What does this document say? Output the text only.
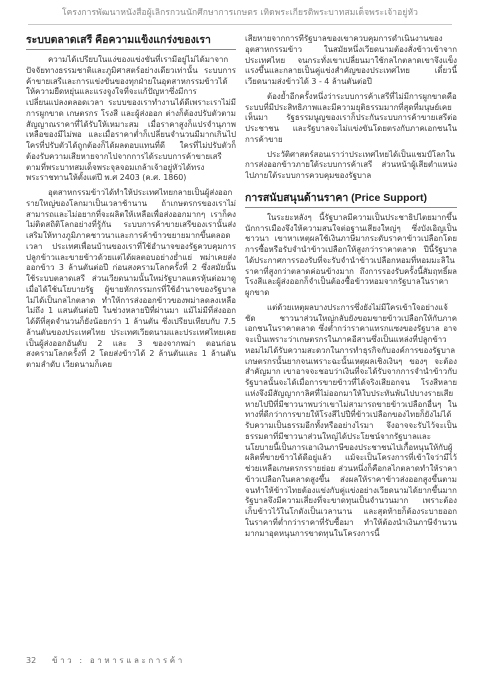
โครงการพัฒนาหนังสือผู้เลิกรกวนนักศึกษาการเกษตร เทิดพระเกียรติพระบาทสมเด็จพระเจ้าอยู่หัว
ระบบตลาดเสรี คือความแข็งแกร่งของเรา

ความได้เปรียบในแง่ของแข่งขันที่เรามีอยู่ไม่ได้มาจากปัจจัยทางธรรมชาติและภูมิศาสตร์อย่างเดียวเท่านั้น ระบบการค้าขายเสรีและการแข่งขันของทุกฝ่ายในอุตสาหกรรมข้าวได้ให้ความยืดหยุ่นและแรงจูงใจที่จะแก้ปัญหาซึ่งมีการเปลี่ยนแปลงตลอดเวลา ระบบของเราทำงานได้ดีเพราะเราไม่มีการผูกขาด เกษตรกร โรงสี และผู้ส่งออก ต่างก็ต้องปรับตัวตามสัญญาณราคาที่ได้รับให้เหมาะสม เมื่อราคาสูงก็แปรจำนุภาพเหลือของมีไม่พอ และเมื่อราคาต่ำก็เปลี่ยนจำนวนมีมากเกินไป ใครที่ปรับตัวได้ถูกต้องก็ได้ผลตอบแทนที่ดี ใครที่ไม่ปรับตัวก็ต้องรับความเสียหายจากไปจากการได้ระบบการค้าขายเสรีตามที่พระบาทสมเด็จพระจุลจอมเกล้าเจ้าอยู่หัวได้ทรงพระราชทานให้ตั้งแต่ปี พ.ศ 2403 (ค.ศ. 1860)

อุตสาหกรรมข้าวได้ทำให้ประเทศไทยกลายเป็นผู้ส่งออกรายใหญ่ของโลกมาเป็นเวลาช้านาน ถ้าเกษตรกรของเราไม่สามารถและไม่อยากที่จะผลิตให้เหลือเพื่อส่งออกมากๆ เราก็คงไม่ติดสถิติโลกอย่างที่รู้กัน ระบบการค้าขายเสรีของเรานั้นส่งเสริมให้ทางภูมิภาคชาวนาและการค้าข้าวขยายมากขึ้นตลอดเวลา ประเทศเพื่อนบ้านของเราที่ใช้อำนาจของรัฐควบคุมการปลูกข้าวและขายข้าวด้วยแต่ได้ผลตอบอย่างย่ำแย่ พม่าเคยส่งออกข้าว 3 ล้านตันต่อปี ก่อนสงครามโลกครั้งที่ 2 ซึ่งสมัยนั้นใช้ระบบตลาดเสรี ส่วนเวียดนามนั้นใหม่รัฐบาลแตรหุ้นต่อมาดูเมื่อได้ใช้นโยบายรัฐ ผู้ขายหักกรรมกรที่ใช้อำนาจของรัฐบาลไม่ได้เป็นกลไกตลาด ทำให้การส่งออกข้าวของพม่าลดลงเหลือไม่ถึง 1 แสนตันต่อปี ในช่วงหลายปีที่ผ่านมา แม้ไม่มีที่ส่งออกได้ดีที่สุดจำนวนก็ยังน้อยกว่า 1 ล้านตัน ซึ่งเปรียบเทียบกับ 7.5 ล้านตันของประเทศไทย ประเทศเวียดนามและประเทศไทยเคยเป็นผู้ส่งออกอันดับ 2 และ 3 ของจากพม่า ตอนก่อนสงครามโลกครั้งที่ 2 โดยส่งข้าวได้ 2 ล้านตันและ 1 ล้านตัน ตามลำดับ เวียดนามก็เคย

เสียหายจากการที่รัฐบาลของเขาควบคุมการดำเนินงานของอุตสาหกรรมข้าว ในสมัยหนึ่งเวียดนามต้องสั่งข้าวเข้าจากประเทศไทย จนกระทั่งเขาเปลี่ยนมาใช้กลไกตลาดเขาจึงแข็งแรงขึ้นและกลายเป็นคู่แข่งสำคัญของประเทศไทย เดี๋ยวนี้เวียดนามส่งข้าวได้ 3 - 4 ล้านตันต่อปี

ต้องย้ำอีกครั้งหนึ่งว่าระบบการค้าเสรีที่ไม่มีการผูกขาดคือระบบที่มีประสิทธิภาพและมีความยุติธรรมมากที่สุดที่มนุษย์เคยเห็นมา รัฐธรรมนูญของเราก็ประกันระบบการค้าขายเสรีต่อประชาชน และรัฐบาลจะไม่แข่งขันโดยตรงกับภาคเอกชนในการค้าขาย

ประวัติศาสตร์สอนเราว่าประเทศไทยได้เป็นแชมป์โลกในการส่งออกข้าวภายใต้ระบบการค้าเสรี ส่วนหน้าผู้เสียตำแหน่งไปภายใต้ระบบการควบคุมของรัฐบาล

การสนับสนุนด้านราคา (Price Support)

ในระยะหลังๆ นี้รัฐบาลมีความเป็นประชาธิปไตยมากขึ้น นักการเมืองจึงให้ความสนใจต่อฐานเสียงใหญ่ๆ ซึ่งบังเอิญเป็นชาวนา เขาหาเหตุผลใช้เงินภาษีมากระดับราคาข้าวเปลือกโดยการซื้อหรือรับจำนำข้าวเปลือกให้สูงกว่าราคาตลาด ปีนี้รัฐบาลได้ประกาศการรองรับที่จะรับจำนำข้าวเปลือกหอมที่หอมมะลิในราคาที่สูงกว่าตลาดค่อนข้างมาก ถึงการรองรับครั้งนี้สัมฤทธิ์ผล โรงสีและผู้ส่งออกก็จำเป็นต้องซื้อข้าวหอมจากรัฐบาลในราคาผูกขาด

แต่ด้วยเหตุผลบางประการซึ่งยังไม่มีใครเข้าใจอย่างแจ้ชัด ชาวนาส่วนใหญ่กลับยังขอมขายข้าวเปลือกให้กับภาคเอกชนในราคาตลาด ซึ่งต่ำกว่าราคาแทรกแซงของรัฐบาล อาจจะเป็นเพราะว่าเกษตรกรในภาคอีสานซึ่งเป็นแหล่งที่ปลูกข้าวหอมไม่ได้รับความสะดวกในการทำธุรกิจกับองค์การของรัฐบาล เกษตรกรนั้นยากจนเพราะฉะนั้นเหตุผลเชิงเงินๆ ของๆ จะต้องสำคัญมาก เขาอาจจะชอบว่าเงินที่จะได้รับจากการจำนำข้าวกับรัฐบาลนั้นจะได้เมื่อการขายข้าวที่ได้จริงเสียอกจน โรงสีหลายแห่งจึงมีสัญญากาลิศที่ไม่ออกมาให้ใบประทันพ้นไปบางรายเสียหายไปปีที่มีชาวนาพบว่าเขาไม่สามารถขายข้าวเปลือกอื่นๆ ในทางที่ดีกว่าการขายให้โรงสีไปปีที่ข้าวเปลือกของไทยก็ยังไม่ได้รับความเป็นธรรมอีกทั้งหรืออย่างไรมา จึงอาจจะรับไว้จะเป็นธรรมดาที่มีชาวนาส่วนใหญ่ได้ประโยชน์จากรัฐบาลและนโยบายนี้เป็นการเอาเงินภาษีของประชาชนไปเกื้อหนุนให้กับผู้ผลิตที่ขายข้าวได้ดีอยู่แล้ว แม้จะเป็นโครงการที่เข้าใจว่ามีไว้ช่วยเหลือเกษตรกรรายย่อย ส่วนหนึ่งก็คือกลไกตลาดทำให้ราคาข้าวเปลือกในตลาดสูงขึ้น ส่งผลให้ราคาข้าวส่งออกสูงขึ้นตาม จนทำให้ข้าวไทยต้องแข่งกับคู่แข่งอย่างเวียดนามได้ยากขึ้นมาก รัฐบาลจึงมีความเสี่ยงที่จะขาดทุนเป็นจำนวนมาก เพราะต้องเก็บข้าวไว้ในโกดังเป็นเวลานาน และสุดท้ายก็ต้องระบายออกในราคาที่ต่ำกว่าราคาที่รับซื้อมา ทำให้ต้องนำเงินภาษีจำนวนมากมาอุดหนุนการขาดทุนในโครงการนี้

32	ข้าว : อาหารและการค้า
